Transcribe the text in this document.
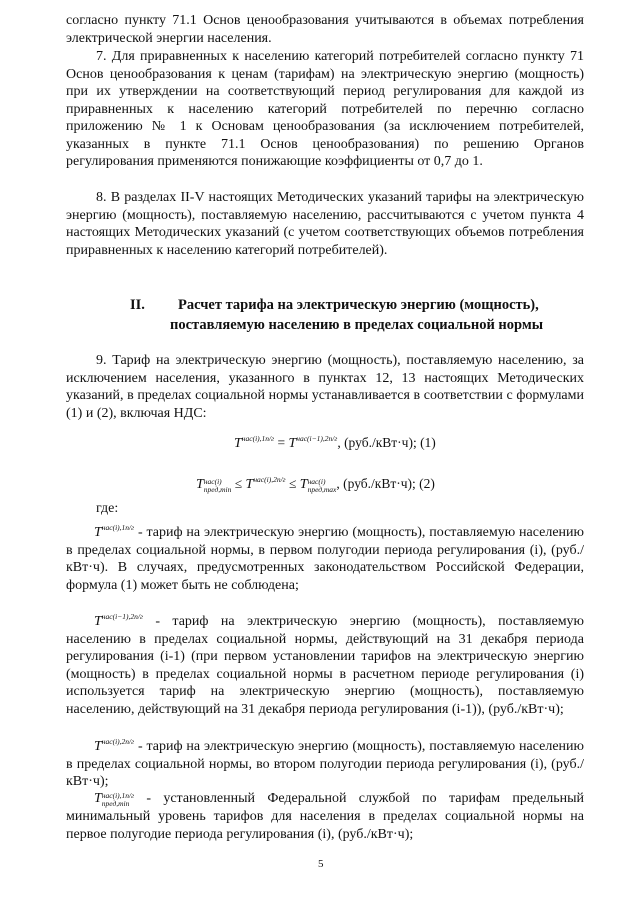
согласно пункту 71.1 Основ ценообразования учитываются в объемах потребления электрической энергии населения.

7. Для приравненных к населению категорий потребителей согласно пункту 71 Основ ценообразования к ценам (тарифам) на электрическую энергию (мощность) при их утверждении на соответствующий период регулирования для каждой из приравненных к населению категорий потребителей по перечню согласно приложению № 1 к Основам ценообразования (за исключением потребителей, указанных в пункте 71.1 Основ ценообразования) по решению Органов регулирования применяются понижающие коэффициенты от 0,7 до 1.

8. В разделах II-V настоящих Методических указаний тарифы на электрическую энергию (мощность), поставляемую населению, рассчитываются с учетом пункта 4 настоящих Методических указаний (с учетом соответствующих объемов потребления приравненных к населению категорий потребителей).

II. Расчет тарифа на электрическую энергию (мощность),
поставляемую населению в пределах социальной нормы

9. Тариф на электрическую энергию (мощность), поставляемую населению, за исключением населения, указанного в пунктах 12, 13 настоящих Методических указаний, в пределах социальной нормы устанавливается в соответствии с формулами (1) и (2), включая НДС:

$T^{нас(i),1п/г} = T^{нас(i-1),2п/г}$, (руб./кВт·ч); (1)
T нас(i)
пред,min ≤ $T^{нас(i),2п/г} \le T$ нас(i)
пред,max , (руб./кВт·ч); (2)
где:

$T^{нас(i),1п/г}$ - тариф на электрическую энергию (мощность), поставляемую населению в пределах социальной нормы, в первом полугодии периода регулирования (i), (руб./кВт·ч). В случаях, предусмотренных законодательством Российской Федерации, формула (1) может быть не соблюдена;

$T^{нас(i-1),2п/г}$ - тариф на электрическую энергию (мощность), поставляемую населению в пределах социальной нормы, действующий на 31 декабря периода регулирования (i-1) (при первом установлении тарифов на электрическую энергию (мощность) в пределах социальной нормы в расчетном периоде регулирования (i) используется тариф на электрическую энергию (мощность), поставляемую населению, действующий на 31 декабря периода регулирования (i-1)), (руб./кВт·ч);

$T^{нас(i),2п/г}$ - тариф на электрическую энергию (мощность), поставляемую населению в пределах социальной нормы, во втором полугодии периода регулирования (i), (руб./кВт·ч);

T нас(i),1п/г
пред,min	- установленный Федеральной службой по тарифам предельный минимальный уровень тарифов для населения в пределах социальной нормы на первое полугодие периода регулирования (i), (руб./кВт·ч);

5
